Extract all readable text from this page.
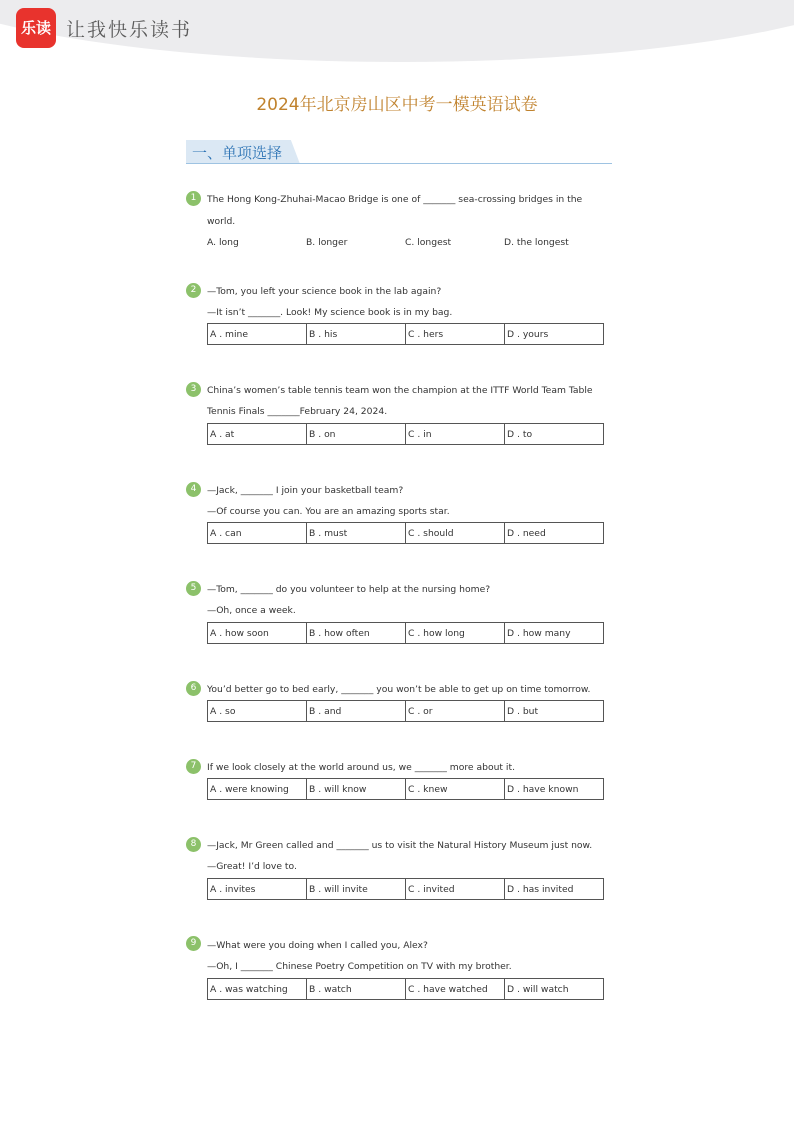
乐读 让我快乐读书
2024年北京房山区中考一模英语试卷
一、单项选择
1	The Hong Kong-Zhuhai-Macao Bridge is one of _______ sea-crossing bridges in the
world.
A. long	B. longer	C. longest	D. the longest
2	—Tom, you left your science book in the lab again?
—It isn’t _______. Look! My science book is in my bag.
A . mine	B . his	C . hers	D . yours
3	China’s women’s table tennis team won the champion at the ITTF World Team Table
Tennis Finals _______February 24, 2024.
A . at	B . on	C . in	D . to
4	—Jack, _______ I join your basketball team?
—Of course you can. You are an amazing sports star.
A . can	B . must	C . should	D . need
5	—Tom, _______ do you volunteer to help at the nursing home?
—Oh, once a week.
A . how soon	B . how often	C . how long	D . how many
6	You’d better go to bed early, _______ you won’t be able to get up on time tomorrow.
A . so	B . and	C . or	D . but
7	If we look closely at the world around us, we _______ more about it.
A . were knowing	B . will know	C . knew	D . have known
8	—Jack, Mr Green called and _______ us to visit the Natural History Museum just now.
—Great! I’d love to.
A . invites	B . will invite	C . invited	D . has invited
9	—What were you doing when I called you, Alex?
—Oh, I _______ Chinese Poetry Competition on TV with my brother.
A . was watching	B . watch	C . have watched	D . will watch
